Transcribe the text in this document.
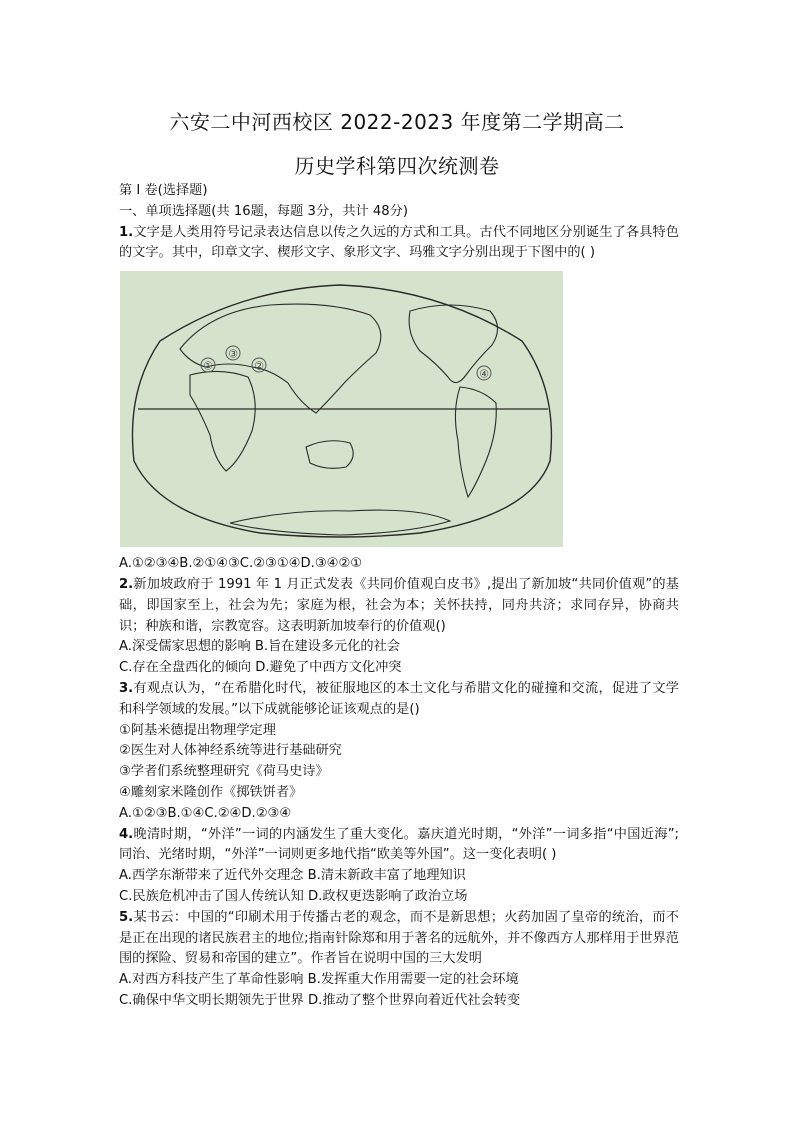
六安二中河西校区 2022-2023 年度第二学期高二
历史学科第四次统测卷
第 I 卷(选择题)
一、单项选择题(共 16题，每题 3分，共计 48分)
1.文字是人类用符号记录表达信息以传之久远的方式和工具。古代不同地区分别诞生了各具特色的文字。其中，印章文字、楔形文字、象形文字、玛雅文字分别出现于下图中的( )
①	②
③
④
A.①②③④B.②①④③C.②③①④D.③④②①
2.新加坡政府于 1991 年 1 月正式发表《共同价值观白皮书》,提出了新加坡“共同价值观”的基础，即国家至上，社会为先；家庭为根，社会为本；关怀扶持，同舟共济；求同存异，协商共识；种族和谐，宗教宽容。这表明新加坡奉行的价值观()
A.深受儒家思想的影响 B.旨在建设多元化的社会
C.存在全盘西化的倾向 D.避免了中西方文化冲突
3.有观点认为，“在希腊化时代，被征服地区的本土文化与希腊文化的碰撞和交流，促进了文学和科学领域的发展。”以下成就能够论证该观点的是()
①阿基米德提出物理学定理
②医生对人体神经系统等进行基础研究
③学者们系统整理研究《荷马史诗》
④雕刻家米隆创作《掷铁饼者》
A.①②③B.①④C.②④D.②③④
4.晚清时期，“外洋”一词的内涵发生了重大变化。嘉庆道光时期，“外洋”一词多指“中国近海”;同治、光绪时期，“外洋”一词则更多地代指“欧美等外国”。这一变化表明( )
A.西学东渐带来了近代外交理念 B.清末新政丰富了地理知识
C.民族危机冲击了国人传统认知 D.政权更迭影响了政治立场
5.某书云：中国的“印刷术用于传播古老的观念，而不是新思想；火药加固了皇帝的统治，而不是正在出现的诸民族君主的地位;指南针除郑和用于著名的远航外，并不像西方人那样用于世界范围的探险、贸易和帝国的建立”。作者旨在说明中国的三大发明
A.对西方科技产生了革命性影响 B.发挥重大作用需要一定的社会环境
C.确保中华文明长期领先于世界 D.推动了整个世界向着近代社会转变
